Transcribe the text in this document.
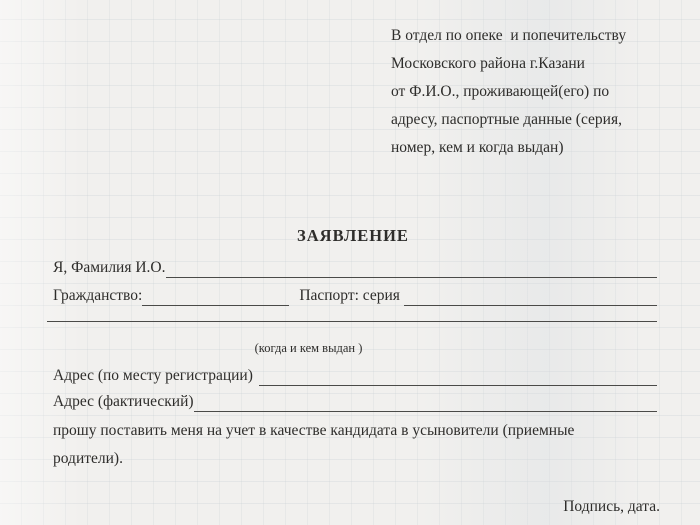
В отдел по опеке  и попечительству
Московского района г.Казани
от Ф.И.О., проживающей(его) по
адресу, паспортные данные (серия,
номер, кем и когда выдан)
ЗАЯВЛЕНИЕ
Я, Фамилия И.О.
Гражданство:	Паспорт: серия
(когда и кем выдан )
Адрес (по месту регистрации)
Адрес (фактический)
прошу поставить меня на учет в качестве кандидата в усыновители (приемные
родители).
Подпись, дата.
